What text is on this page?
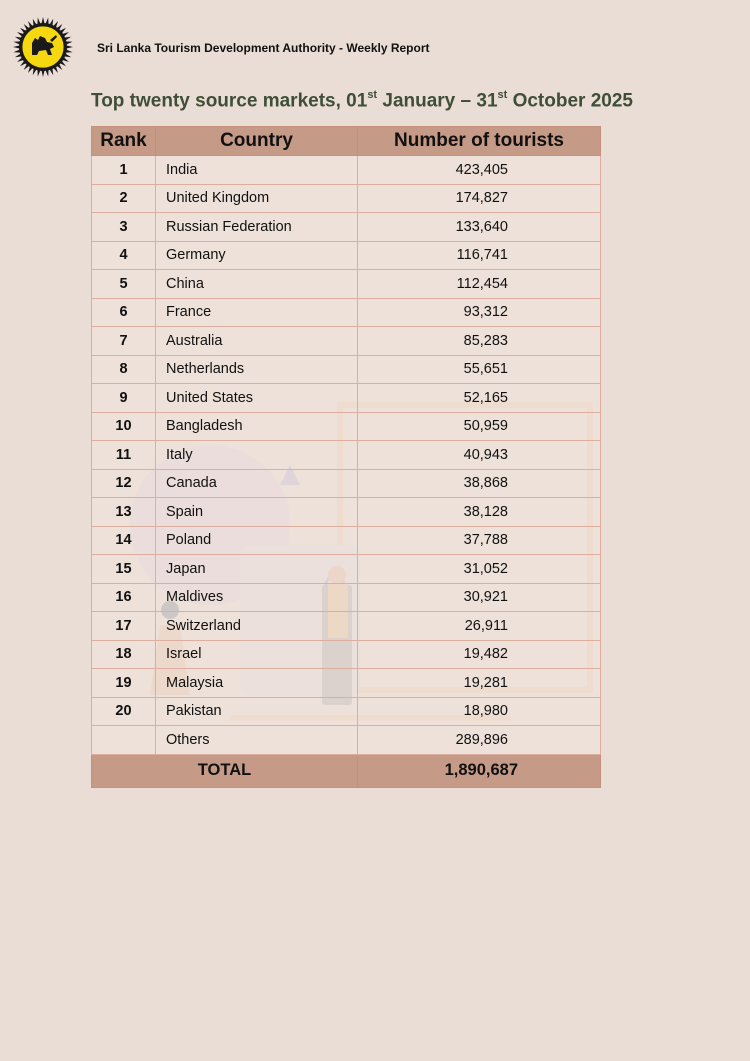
Sri Lanka Tourism Development Authority - Weekly Report
Top twenty source markets, 01st January – 31st October 2025
Rank	Country	Number of tourists
1	India	423,405
2	United Kingdom	174,827
3	Russian Federation	133,640
4	Germany	116,741
5	China	112,454
6	France	93,312
7	Australia	85,283
8	Netherlands	55,651
9	United States	52,165
10	Bangladesh	50,959
11	Italy	40,943
12	Canada	38,868
13	Spain	38,128
14	Poland	37,788
15	Japan	31,052
16	Maldives	30,921
17	Switzerland	26,911
18	Israel	19,482
19	Malaysia	19,281
20	Pakistan	18,980
	Others	289,896
TOTAL		1,890,687
